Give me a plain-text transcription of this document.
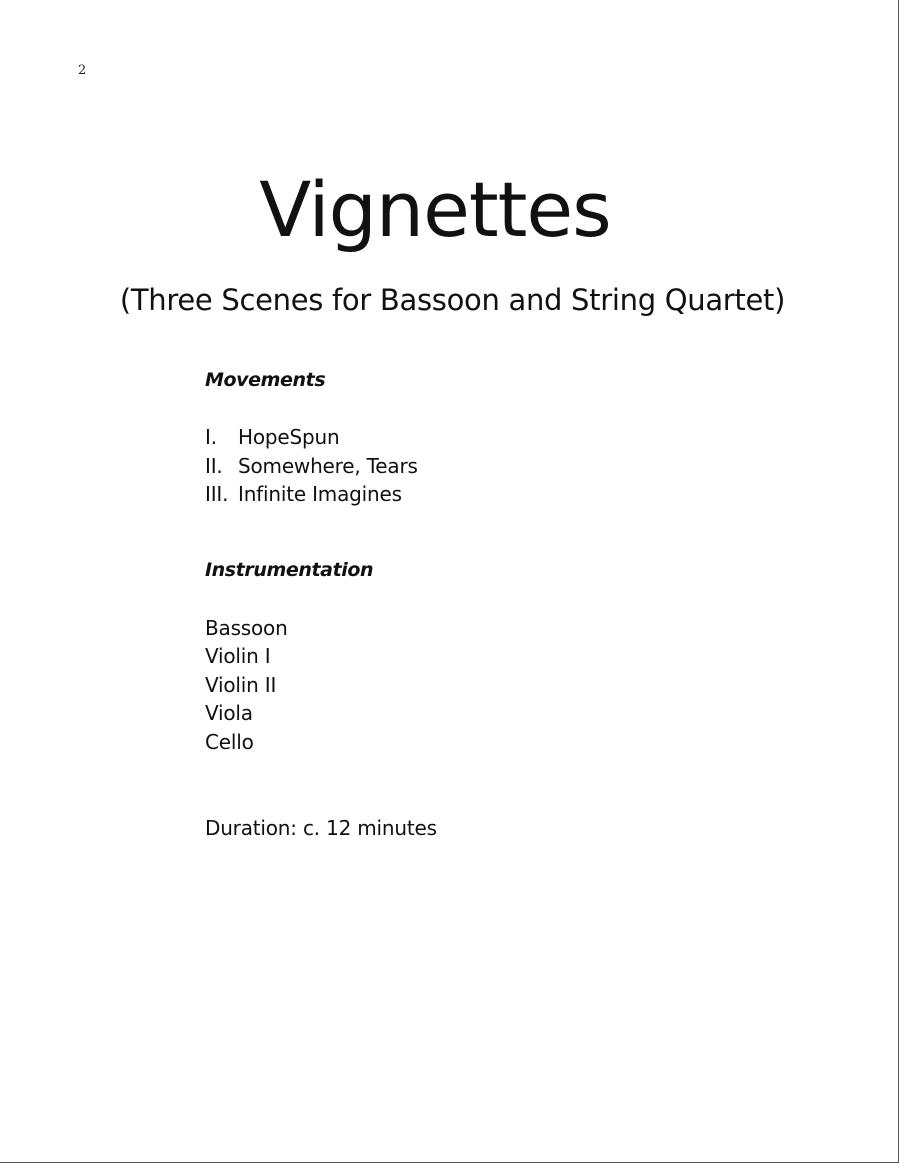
2
Vignettes
(Three Scenes for Bassoon and String Quartet)
Movements
I. HopeSpun
II. Somewhere, Tears
III. Infinite Imagines
Instrumentation
Bassoon
Violin I
Violin II
Viola
Cello
Duration: c. 12 minutes
